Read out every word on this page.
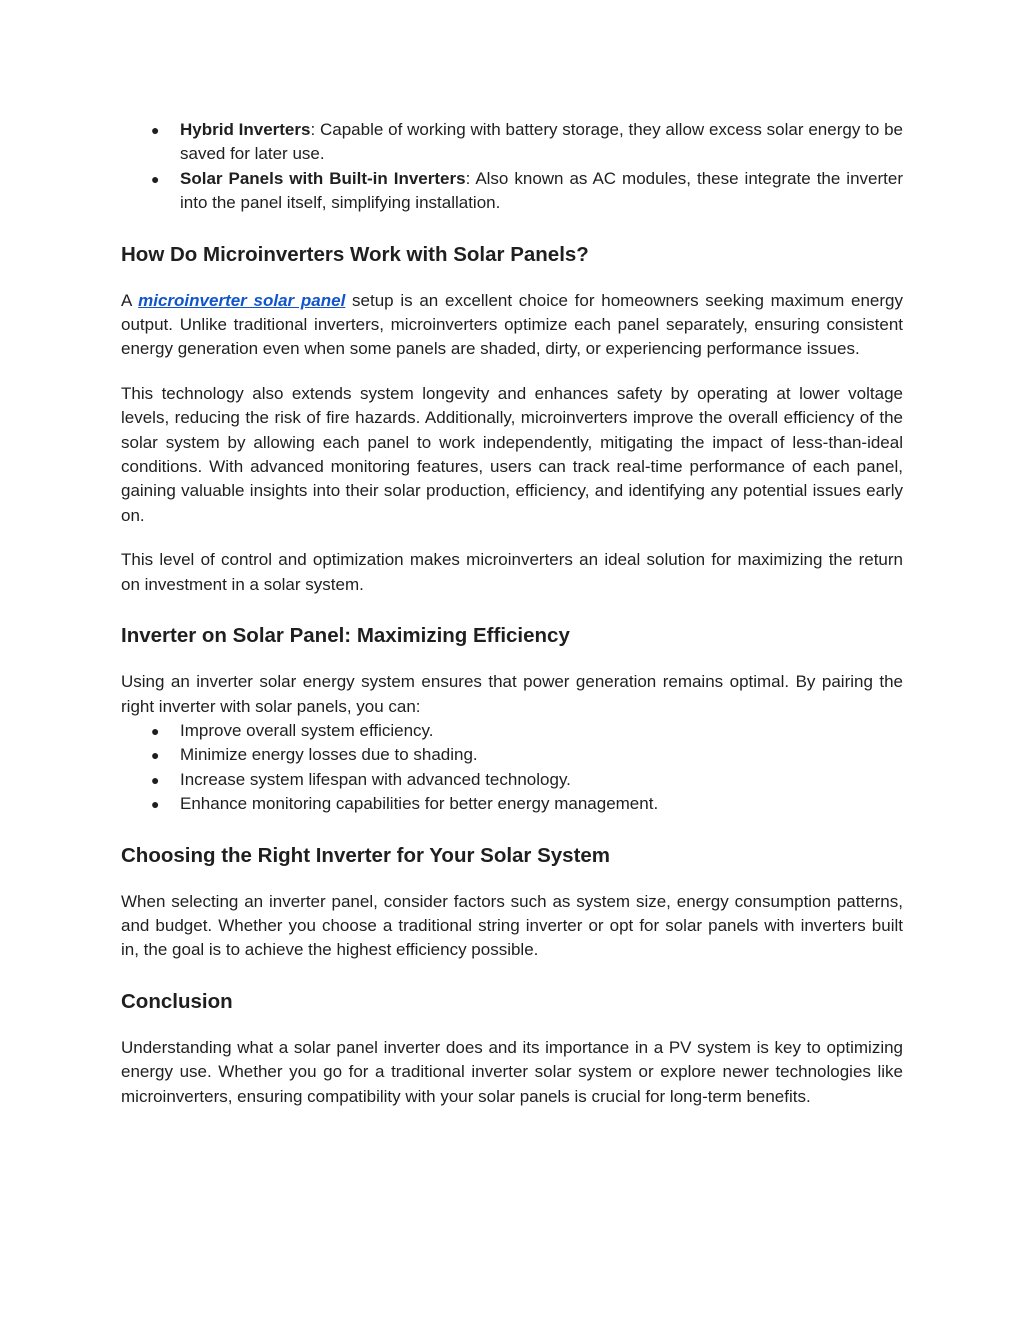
● Hybrid Inverters: Capable of working with battery storage, they allow excess solar energy to be saved for later use.
● Solar Panels with Built-in Inverters: Also known as AC modules, these integrate the inverter into the panel itself, simplifying installation.
How Do Microinverters Work with Solar Panels?

A microinverter solar panel setup is an excellent choice for homeowners seeking maximum energy output. Unlike traditional inverters, microinverters optimize each panel separately, ensuring consistent energy generation even when some panels are shaded, dirty, or experiencing performance issues.

This technology also extends system longevity and enhances safety by operating at lower voltage levels, reducing the risk of fire hazards. Additionally, microinverters improve the overall efficiency of the solar system by allowing each panel to work independently, mitigating the impact of less-than-ideal conditions. With advanced monitoring features, users can track real-time performance of each panel, gaining valuable insights into their solar production, efficiency, and identifying any potential issues early on.

This level of control and optimization makes microinverters an ideal solution for maximizing the return on investment in a solar system.

Inverter on Solar Panel: Maximizing Efficiency

Using an inverter solar energy system ensures that power generation remains optimal. By pairing the right inverter with solar panels, you can:

● Improve overall system efficiency.
● Minimize energy losses due to shading.
● Increase system lifespan with advanced technology.
● Enhance monitoring capabilities for better energy management.
Choosing the Right Inverter for Your Solar System

When selecting an inverter panel, consider factors such as system size, energy consumption patterns, and budget. Whether you choose a traditional string inverter or opt for solar panels with inverters built in, the goal is to achieve the highest efficiency possible.

Conclusion

Understanding what a solar panel inverter does and its importance in a PV system is key to optimizing energy use. Whether you go for a traditional inverter solar system or explore newer technologies like microinverters, ensuring compatibility with your solar panels is crucial for long-term benefits.
